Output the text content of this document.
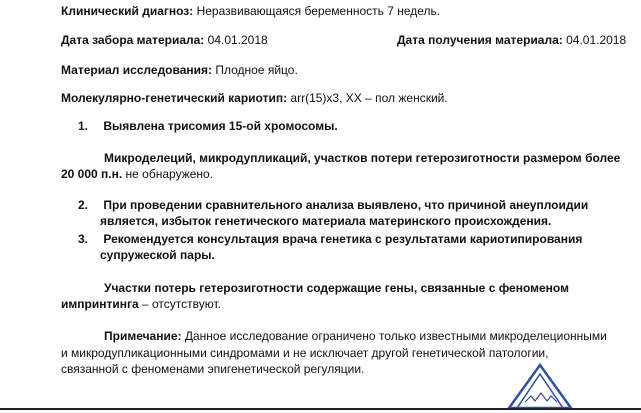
Клинический диагноз: Неразвивающаяся беременность 7 недель.
Дата забора материала: 04.01.2018	Дата получения материала: 04.01.2018
Материал исследования: Плодное яйцо.
Молекулярно-генетический кариотип: arr(15)x3, XX – пол женский.
1. Выявлена трисомия 15-ой хромосомы.
Микроделеций, микродупликаций, участков потери гетерозиготности размером более
20 000 п.н. не обнаружено.
2. При проведении сравнительного анализа выявлено, что причиной анеуплоидии
является, избыток генетического материала материнского происхождения.
3. Рекомендуется консультация врача генетика с результатами кариотипирования
супружеской пары.
Участки потерь гетерозиготности содержащие гены, связанные с феноменом
импринтинга – отсутствуют.
Примечание: Данное исследование ограничено только известными микроделеционными
и микродупликационными синдромами и не исключает другой генетической патологии,
связанной с феноменами эпигенетической регуляции.
